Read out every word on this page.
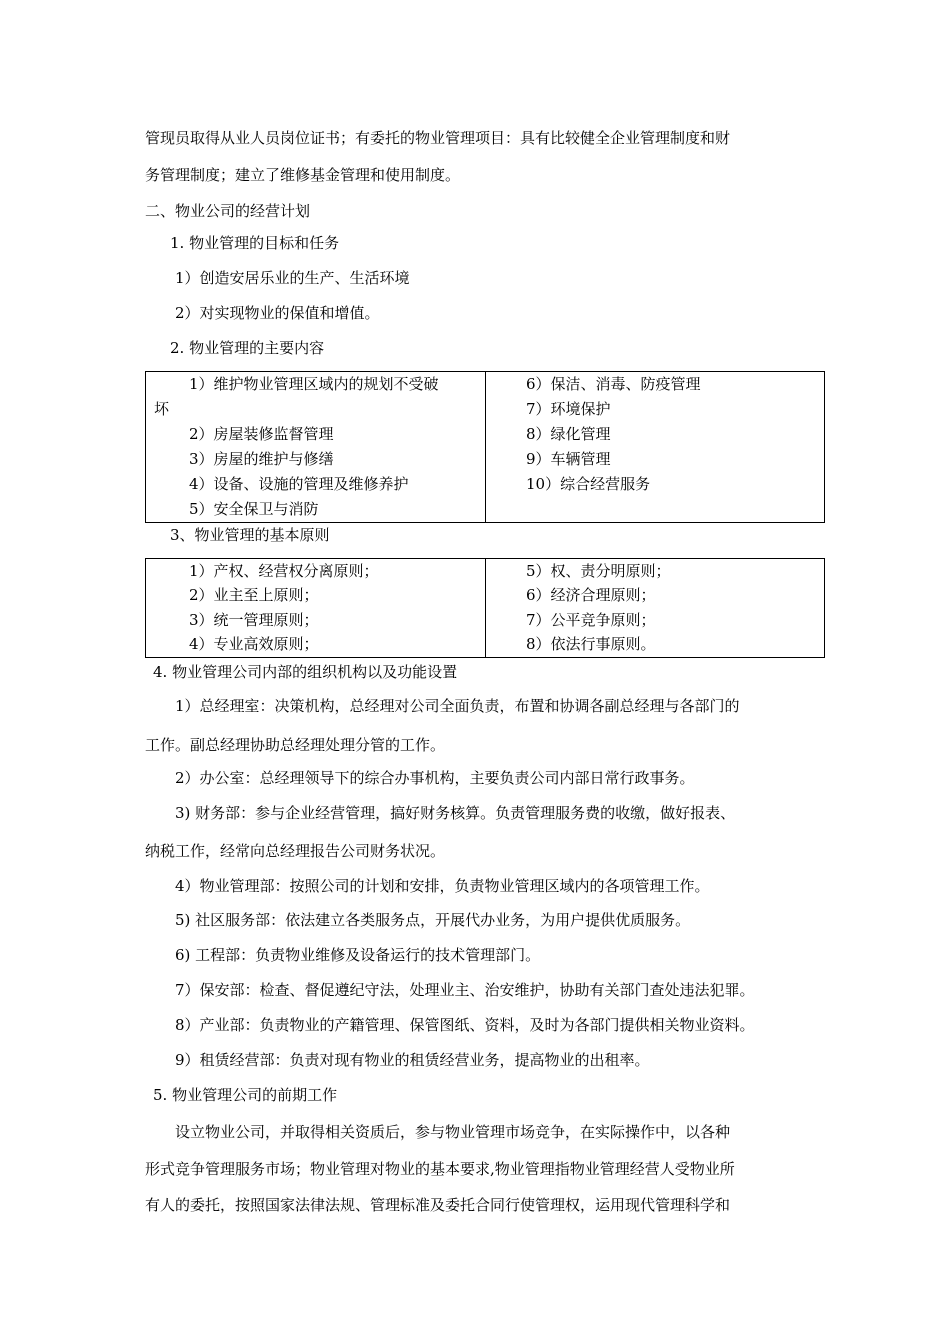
管现员取得从业人员岗位证书；有委托的物业管理项目：具有比较健全企业管理制度和财
务管理制度；建立了维修基金管理和使用制度。
二、物业公司的经营计划
1. 物业管理的目标和任务
1）创造安居乐业的生产、生活环境
2）对实现物业的保值和增值。
2. 物业管理的主要内容
1）维护物业管理区域内的规划不受破
坏
2）房屋装修监督管理
3）房屋的维护与修缮
4）设备、设施的管理及维修养护
5）安全保卫与消防

6）保洁、消毒、防疫管理
7）环境保护
8）绿化管理
9）车辆管理
10）综合经营服务
3、物业管理的基本原则
1）产权、经营权分离原则；
2）业主至上原则；
3）统一管理原则；
4）专业高效原则；

5）权、责分明原则；
6）经济合理原则；
7）公平竞争原则；
8）依法行事原则。
4. 物业管理公司内部的组织机构以及功能设置
1）总经理室：决策机构，总经理对公司全面负责，布置和协调各副总经理与各部门的
工作。副总经理协助总经理处理分管的工作。
2）办公室：总经理领导下的综合办事机构，主要负责公司内部日常行政事务。
3) 财务部：参与企业经营管理，搞好财务核算。负责管理服务费的收缴，做好报表、
纳税工作，经常向总经理报告公司财务状况。
4）物业管理部：按照公司的计划和安排，负责物业管理区域内的各项管理工作。
5) 社区服务部：依法建立各类服务点，开展代办业务，为用户提供优质服务。
6) 工程部：负责物业维修及设备运行的技术管理部门。
7）保安部：检查、督促遵纪守法，处理业主、治安维护，协助有关部门查处违法犯罪。
8）产业部：负责物业的产籍管理、保管图纸、资料，及时为各部门提供相关物业资料。
9）租赁经营部：负责对现有物业的租赁经营业务，提高物业的出租率。
5. 物业管理公司的前期工作
设立物业公司，并取得相关资质后，参与物业管理市场竞争，在实际操作中，以各种
形式竞争管理服务市场；物业管理对物业的基本要求,物业管理指物业管理经营人受物业所
有人的委托，按照国家法律法规、管理标准及委托合同行使管理权，运用现代管理科学和
